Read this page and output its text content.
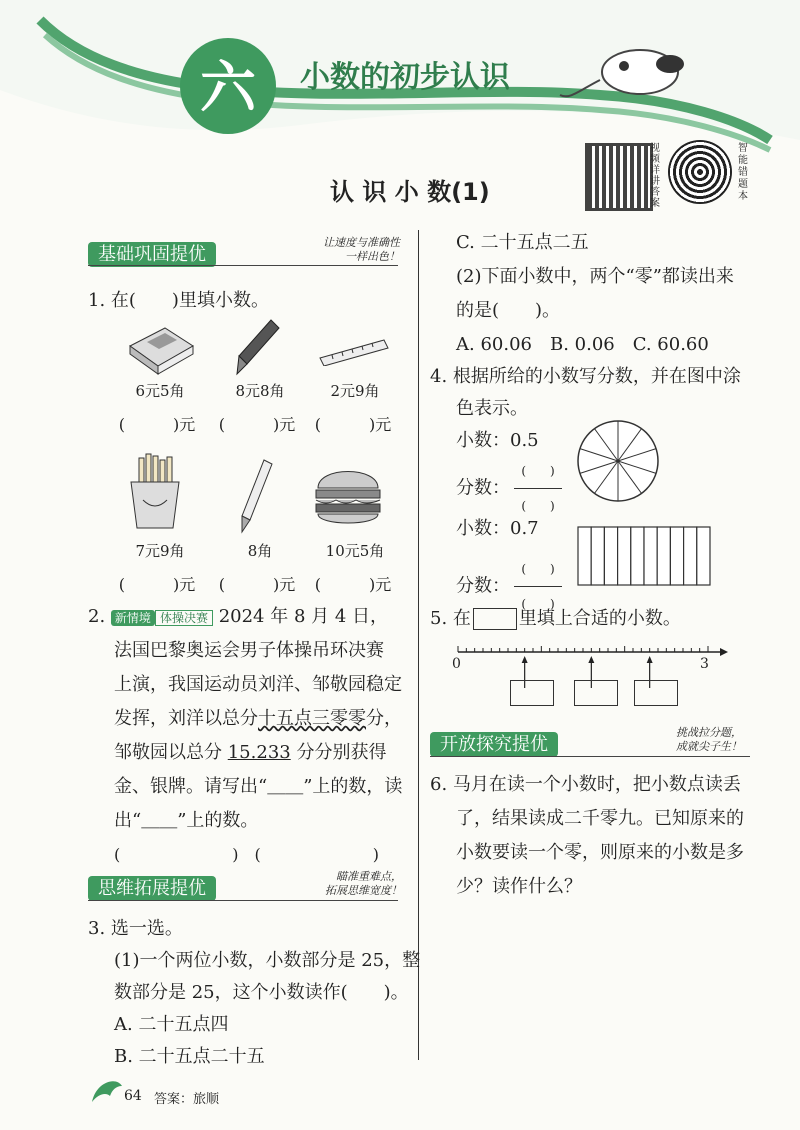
六	小数的初步认识
视频详讲答案
智能错题本
认 识 小 数(1)
基础巩固提优
让速度与准确性
一样出色！
1. 在(　　)里填小数。
6元5角	8元8角	2元9角
(　　　)元	(　　　)元	(　　　)元
7元9角	8角	10元5角
(　　　)元	(　　　)元	(　　　)元
2. 新情境 体操决赛 2024 年 8 月 4 日，
法国巴黎奥运会男子体操吊环决赛
上演，我国运动员刘洋、邹敬园稳定
发挥，刘洋以总分十五点三零零分，
邹敬园以总分 15.233 分分别获得
金、银牌。请写出“＿＿”上的数，读
出“＿＿”上的数。
(　　　　　　　)　(　　　　　　　)
思维拓展提优
瞄准重难点，
拓展思维宽度！
3. 选一选。
(1)一个两位小数，小数部分是 25，整
数部分是 25，这个小数读作(　　)。
A. 二十五点四
B. 二十五点二十五
C. 二十五点二五
(2)下面小数中，两个“零”都读出来
的是(　　)。
A. 60.06　B. 0.06　C. 60.60
4. 根据所给的小数写分数，并在图中涂
色表示。
小数：0.5
分数： $\frac{( )}{( )}$
小数：0.7
分数： $\frac{( )}{( )}$
5. 在	里填上合适的小数。
0	3
开放探究提优
挑战拉分题，
成就尖子生！
6. 马月在读一个小数时，把小数点读丢
了，结果读成二千零九。已知原来的
小数要读一个零，则原来的小数是多
少？读作什么？
64 答案：旅顺
